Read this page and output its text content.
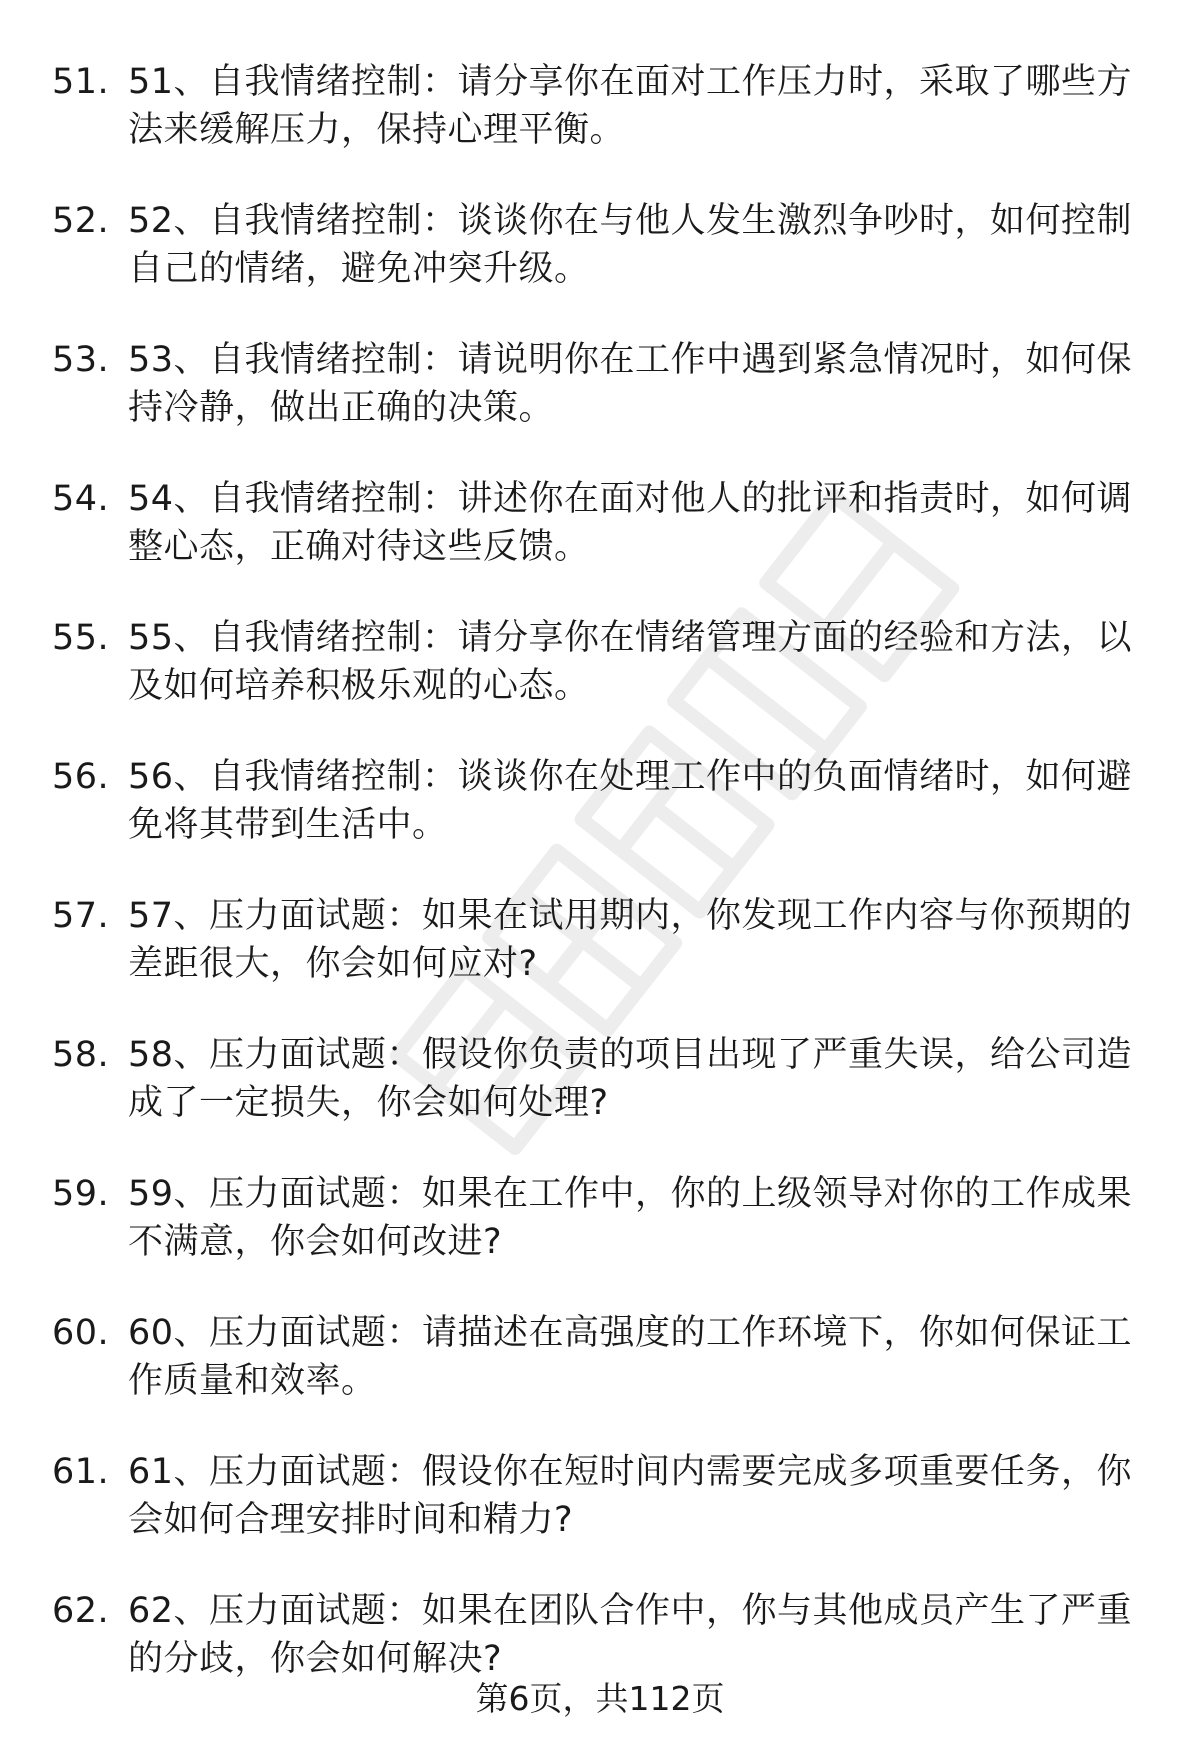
51. 51、自我情绪控制：请分享你在面对工作压力时，采取了哪些方法来缓解压力，保持心理平衡。
52. 52、自我情绪控制：谈谈你在与他人发生激烈争吵时，如何控制自己的情绪，避免冲突升级。
53. 53、自我情绪控制：请说明你在工作中遇到紧急情况时，如何保持冷静，做出正确的决策。
54. 54、自我情绪控制：讲述你在面对他人的批评和指责时，如何调整心态，正确对待这些反馈。
55. 55、自我情绪控制：请分享你在情绪管理方面的经验和方法，以及如何培养积极乐观的心态。
56. 56、自我情绪控制：谈谈你在处理工作中的负面情绪时，如何避免将其带到生活中。
57. 57、压力面试题：如果在试用期内，你发现工作内容与你预期的差距很大，你会如何应对?
58. 58、压力面试题：假设你负责的项目出现了严重失误，给公司造成了一定损失，你会如何处理?
59. 59、压力面试题：如果在工作中，你的上级领导对你的工作成果不满意，你会如何改进?
60. 60、压力面试题：请描述在高强度的工作环境下，你如何保证工作质量和效率。
61. 61、压力面试题：假设你在短时间内需要完成多项重要任务，你会如何合理安排时间和精力?
62. 62、压力面试题：如果在团队合作中，你与其他成员产生了严重的分歧，你会如何解决?
第6页，共112页
